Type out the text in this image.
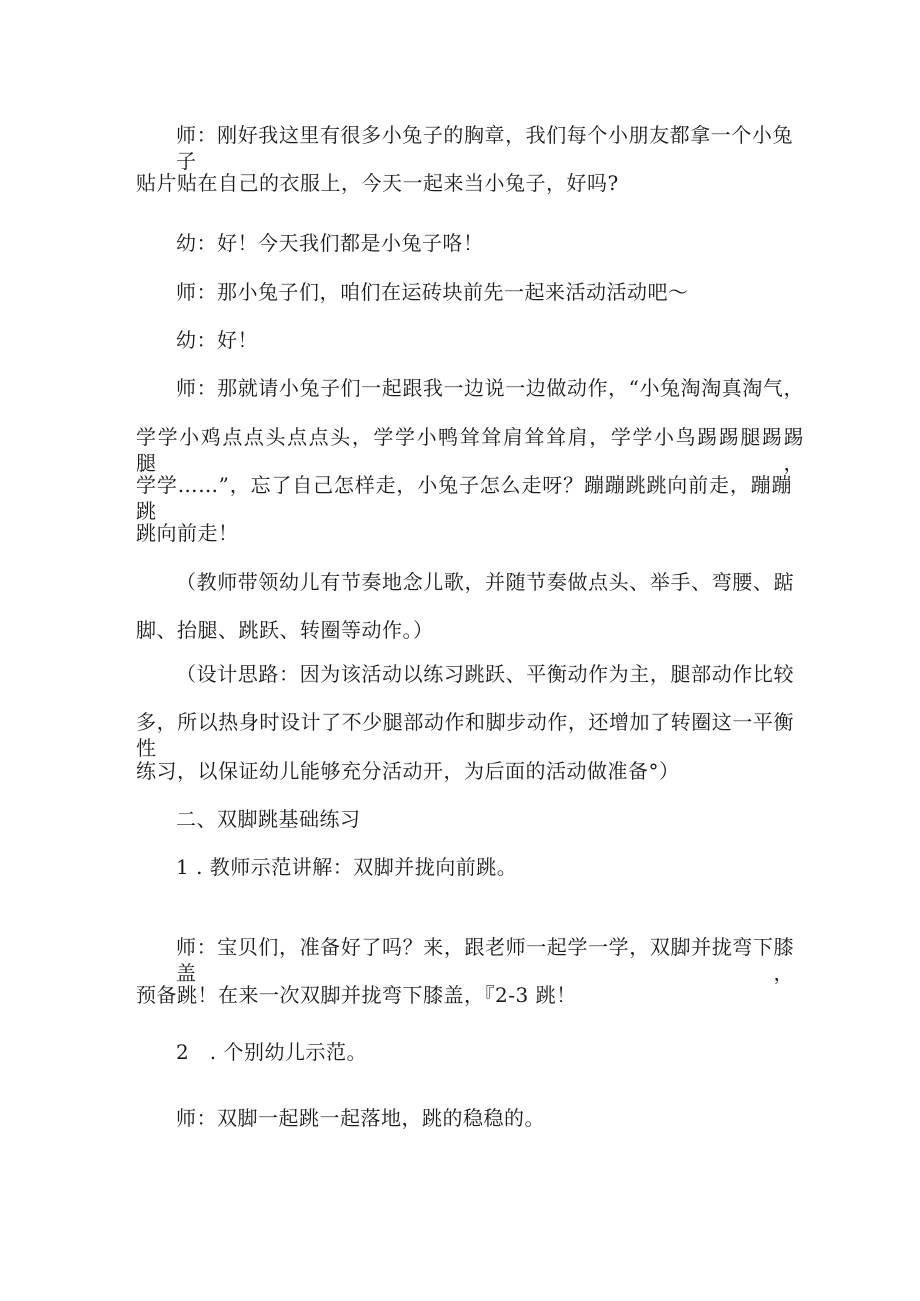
师：刚好我这里有很多小兔子的胸章，我们每个小朋友都拿一个小兔子
贴片贴在自己的衣服上，今天一起来当小兔子，好吗?
幼：好！今天我们都是小兔子咯！
师：那小兔子们，咱们在运砖块前先一起来活动活动吧～
幼：好！
师：那就请小兔子们一起跟我一边说一边做动作，“小兔淘淘真淘气，
学学小鸡点点头点点头，学学小鸭耸耸肩耸耸肩，学学小鸟踢踢腿踢踢腿，
学学……”，忘了自己怎样走，小兔子怎么走呀？蹦蹦跳跳向前走，蹦蹦跳
跳向前走！
（教师带领幼儿有节奏地念儿歌，并随节奏做点头、举手、弯腰、踮
脚、抬腿、跳跃、转圈等动作。）
（设计思路：因为该活动以练习跳跃、平衡动作为主，腿部动作比较
多，所以热身时设计了不少腿部动作和脚步动作，还增加了转圈这一平衡性
练习，以保证幼儿能够充分活动开，为后面的活动做准备°）
二、双脚跳基础练习
1 . 教师示范讲解：双脚并拢向前跳。
师：宝贝们，准备好了吗？来，跟老师一起学一学，双脚并拢弯下膝盖，
预备跳！在来一次双脚并拢弯下膝盖，『2-3 跳！
2　. 个别幼儿示范。
师：双脚一起跳一起落地，跳的稳稳的。
